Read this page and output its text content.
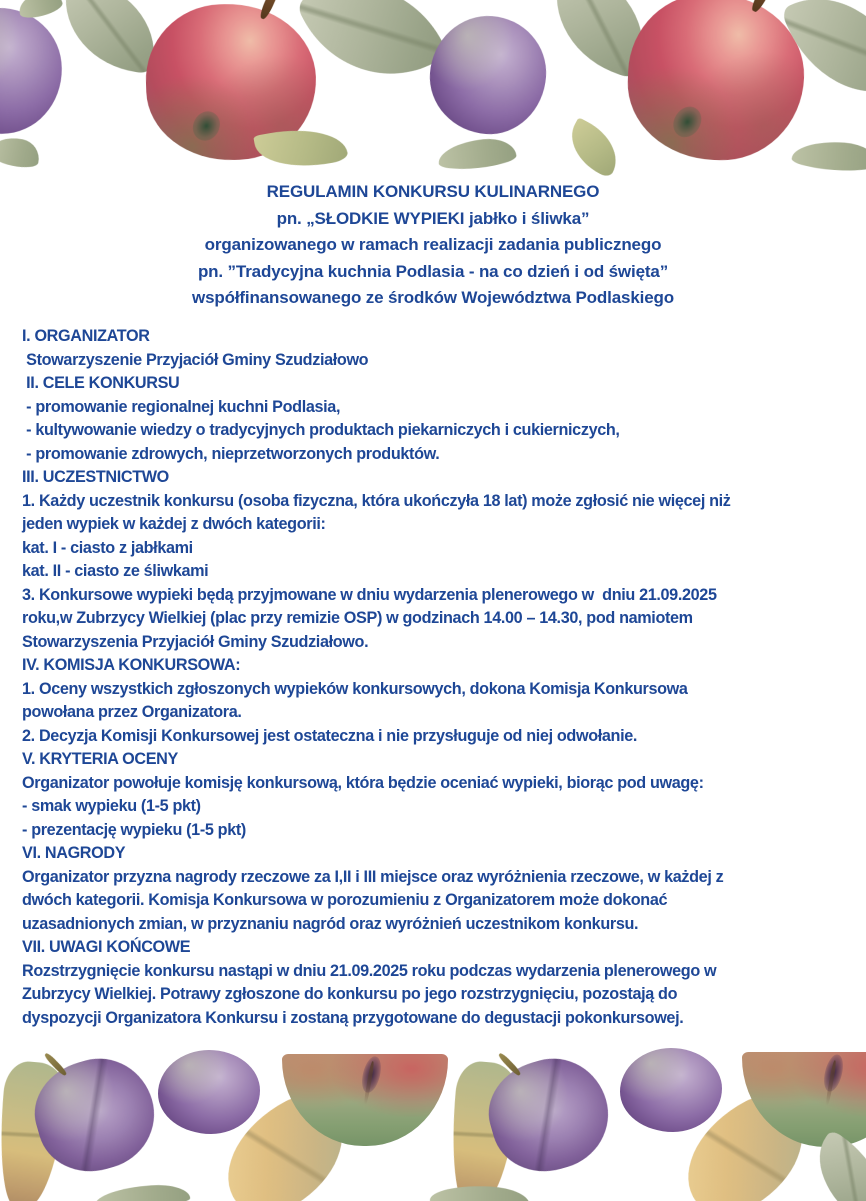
REGULAMIN KONKURSU KULINARNEGO
pn. „SŁODKIE WYPIEKI jabłko i śliwka”
organizowanego w ramach realizacji zadania publicznego
pn. ”Tradycyjna kuchnia Podlasia - na co dzień i od święta”
współfinansowanego ze środków Województwa Podlaskiego
I. ORGANIZATOR
Stowarzyszenie Przyjaciół Gminy Szudziałowo
II. CELE KONKURSU
- promowanie regionalnej kuchni Podlasia,
- kultywowanie wiedzy o tradycyjnych produktach piekarniczych i cukierniczych,
- promowanie zdrowych, nieprzetworzonych produktów.
III. UCZESTNICTWO
1. Każdy uczestnik konkursu (osoba fizyczna, która ukończyła 18 lat) może zgłosić nie więcej niż
jeden wypiek w każdej z dwóch kategorii:
kat. I - ciasto z jabłkami
kat. II - ciasto ze śliwkami
3. Konkursowe wypieki będą przyjmowane w dniu wydarzenia plenerowego w  dniu 21.09.2025
roku,w Zubrzycy Wielkiej (plac przy remizie OSP) w godzinach 14.00 – 14.30, pod namiotem
Stowarzyszenia Przyjaciół Gminy Szudziałowo.
IV. KOMISJA KONKURSOWA:
1. Oceny wszystkich zgłoszonych wypieków konkursowych, dokona Komisja Konkursowa
powołana przez Organizatora.
2. Decyzja Komisji Konkursowej jest ostateczna i nie przysługuje od niej odwołanie.
V. KRYTERIA OCENY
Organizator powołuje komisję konkursową, która będzie oceniać wypieki, biorąc pod uwagę:
- smak wypieku (1-5 pkt)
- prezentację wypieku (1-5 pkt)
VI. NAGRODY
Organizator przyzna nagrody rzeczowe za I,II i III miejsce oraz wyróżnienia rzeczowe, w każdej z
dwóch kategorii. Komisja Konkursowa w porozumieniu z Organizatorem może dokonać
uzasadnionych zmian, w przyznaniu nagród oraz wyróżnień uczestnikom konkursu.
VII. UWAGI KOŃCOWE
Rozstrzygnięcie konkursu nastąpi w dniu 21.09.2025 roku podczas wydarzenia plenerowego w
Zubrzycy Wielkiej. Potrawy zgłoszone do konkursu po jego rozstrzygnięciu, pozostają do
dyspozycji Organizatora Konkursu i zostaną przygotowane do degustacji pokonkursowej.
